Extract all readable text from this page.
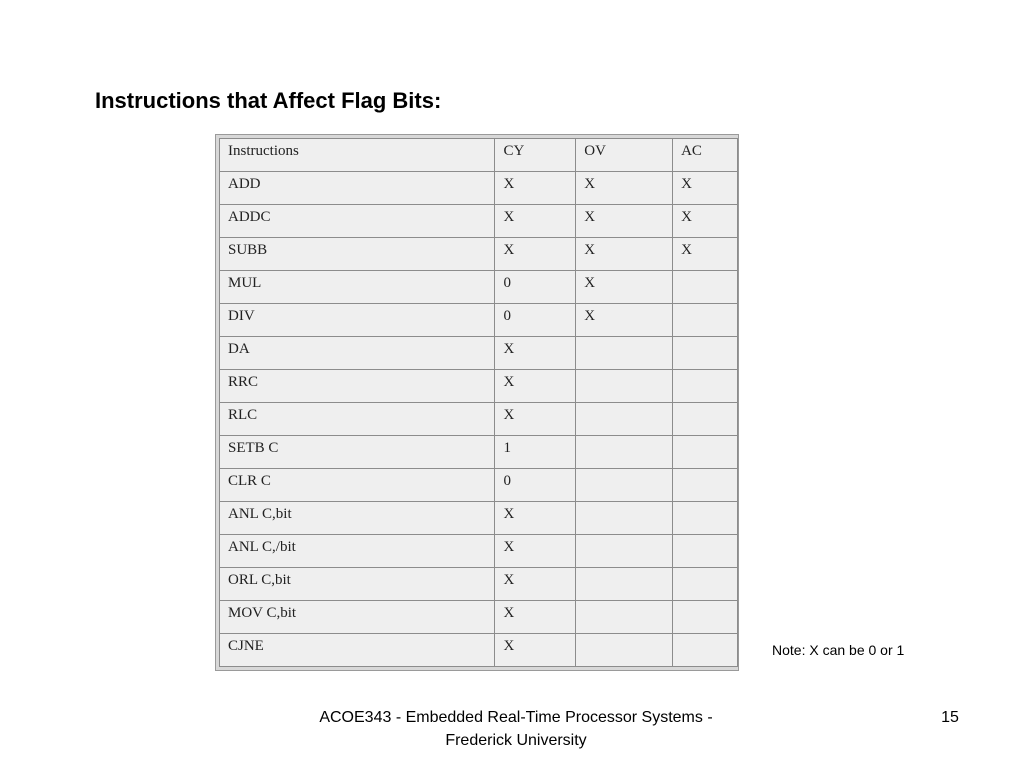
Instructions that Affect Flag Bits:
Instructions	CY	OV	AC
ADD	X	X	X
ADDC	X	X	X
SUBB	X	X	X
MUL	0	X	
DIV	0	X	
DA	X		
RRC	X		
RLC	X		
SETB C	1		
CLR C	0		
ANL C,bit	X		
ANL C,/bit	X		
ORL C,bit	X		
MOV C,bit	X		
CJNE	X			Note: X can be 0 or 1
ACOE343 - Embedded Real-Time Processor Systems -
Frederick University
15
